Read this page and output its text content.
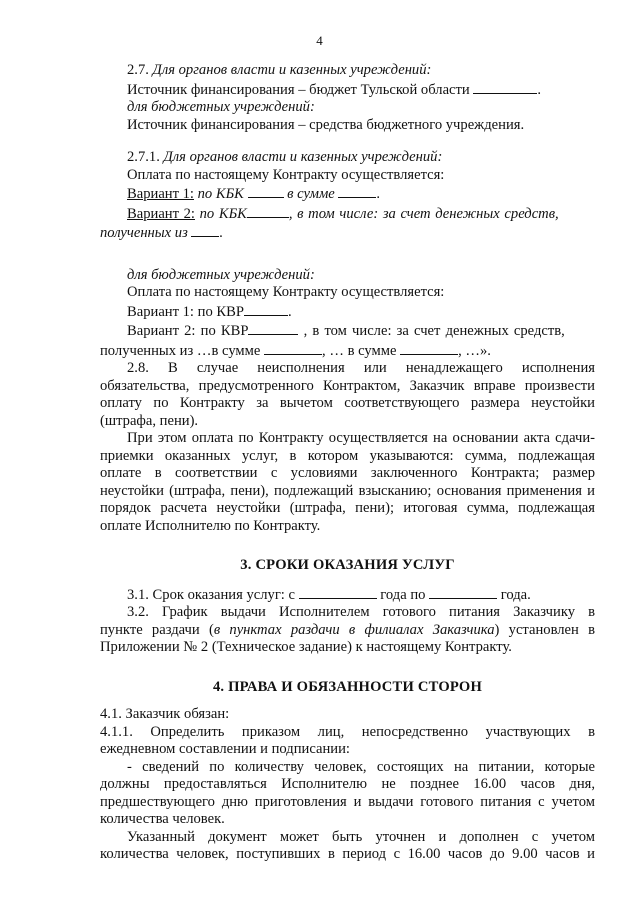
4
2.7. Для органов власти и казенных учреждений:
Источник финансирования – бюджет Тульской области	.
для бюджетных учреждений:
Источник финансирования – средства бюджетного учреждения.
2.7.1. Для органов власти и казенных учреждений:
Оплата по настоящему Контракту осуществляется:
Вариант 1: по КБК  в сумме	.
Вариант 2: по КБК	, в том числе: за счет денежных средств,
полученных из .
для бюджетных учреждений:
Оплата по настоящему Контракту осуществляется:
Вариант 1: по КВР	.
Вариант 2: по КВР	, в том числе: за счет денежных средств,
полученных из …в сумме	, … в сумме	, …».
2.8. В случае неисполнения или ненадлежащего исполнения
обязательства, предусмотренного Контрактом, Заказчик вправе произвести
оплату по Контракту за вычетом соответствующего размера неустойки
(штрафа, пени).
При этом оплата по Контракту осуществляется на основании акта сдачи-
приемки оказанных услуг, в котором указываются: сумма, подлежащая
оплате в соответствии с условиями заключенного Контракта; размер
неустойки (штрафа, пени), подлежащий взысканию; основания применения и
порядок расчета неустойки (штрафа, пени); итоговая сумма, подлежащая
оплате Исполнителю по Контракту.
3. СРОКИ ОКАЗАНИЯ УСЛУГ
3.1. Срок оказания услуг: с	года по	года.
3.2. График выдачи Исполнителем готового питания Заказчику в
пункте раздачи (в пунктах раздачи в филиалах Заказчика) установлен в
Приложении № 2 (Техническое задание) к настоящему Контракту.
4. ПРАВА И ОБЯЗАННОСТИ СТОРОН
4.1. Заказчик обязан:
4.1.1. Определить приказом лиц, непосредственно участвующих в
ежедневном составлении и подписании:
- сведений по количеству человек, состоящих на питании, которые
должны предоставляться Исполнителю не позднее 16.00 часов дня,
предшествующего дню приготовления и выдачи готового питания с учетом
количества человек.
Указанный документ может быть уточнен и дополнен с учетом
количества человек, поступивших в период с 16.00 часов до 9.00 часов и
